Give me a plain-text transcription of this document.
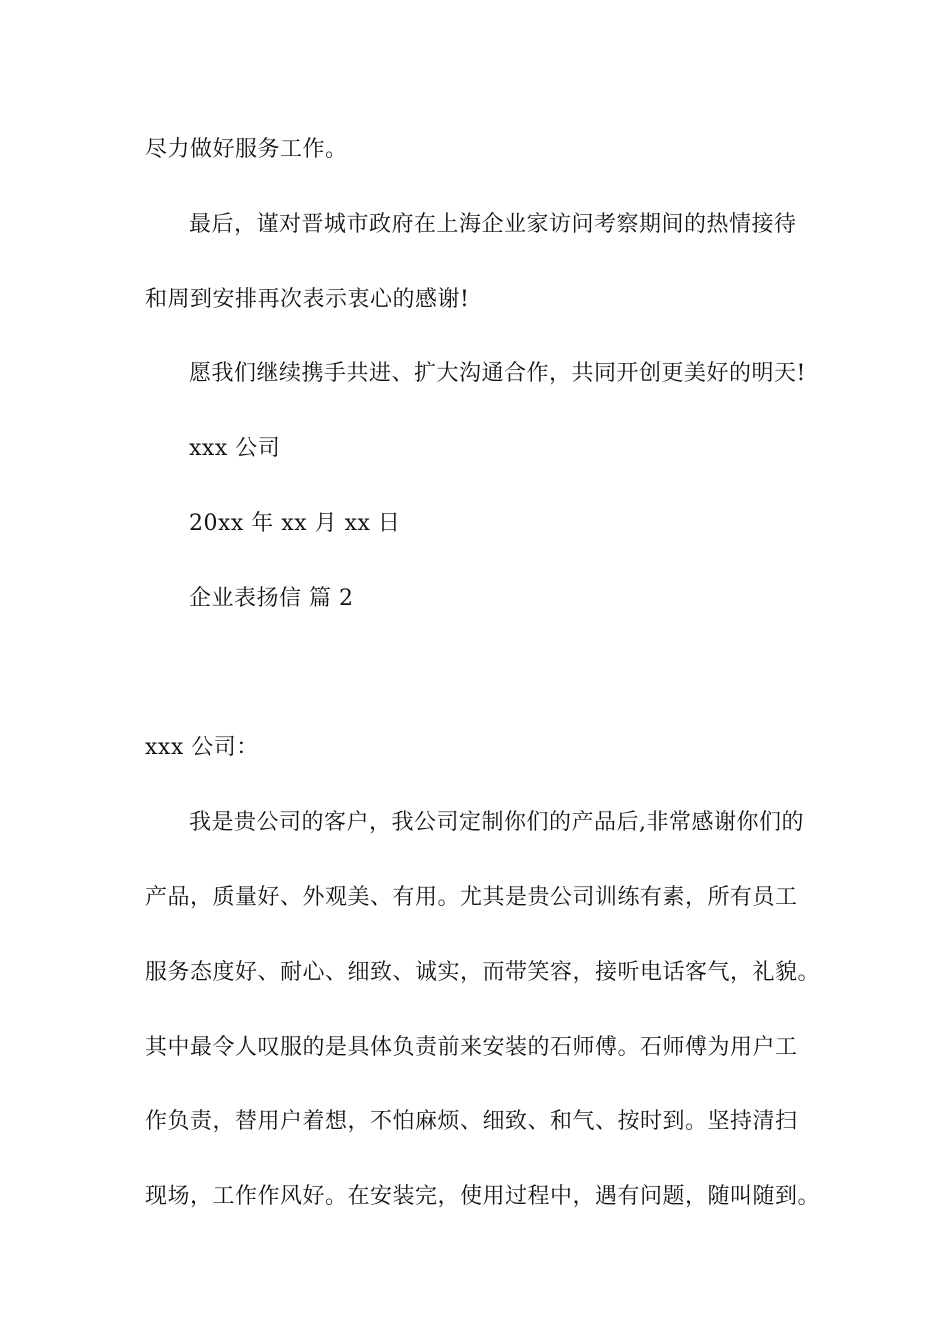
尽力做好服务工作。
最后，谨对晋城市政府在上海企业家访问考察期间的热情接待
和周到安排再次表示衷心的感谢!
愿我们继续携手共进、扩大沟通合作，共同开创更美好的明天!
xxx 公司
20xx 年 xx 月 xx 日
企业表扬信 篇 2
xxx 公司：
我是贵公司的客户，我公司定制你们的产品后,非常感谢你们的
产品，质量好、外观美、有用。尤其是贵公司训练有素，所有员工
服务态度好、耐心、细致、诚实，而带笑容，接听电话客气，礼貌。
其中最令人叹服的是具体负责前来安装的石师傅。石师傅为用户工
作负责，替用户着想，不怕麻烦、细致、和气、按时到。坚持清扫
现场，工作作风好。在安装完，使用过程中，遇有问题，随叫随到。
